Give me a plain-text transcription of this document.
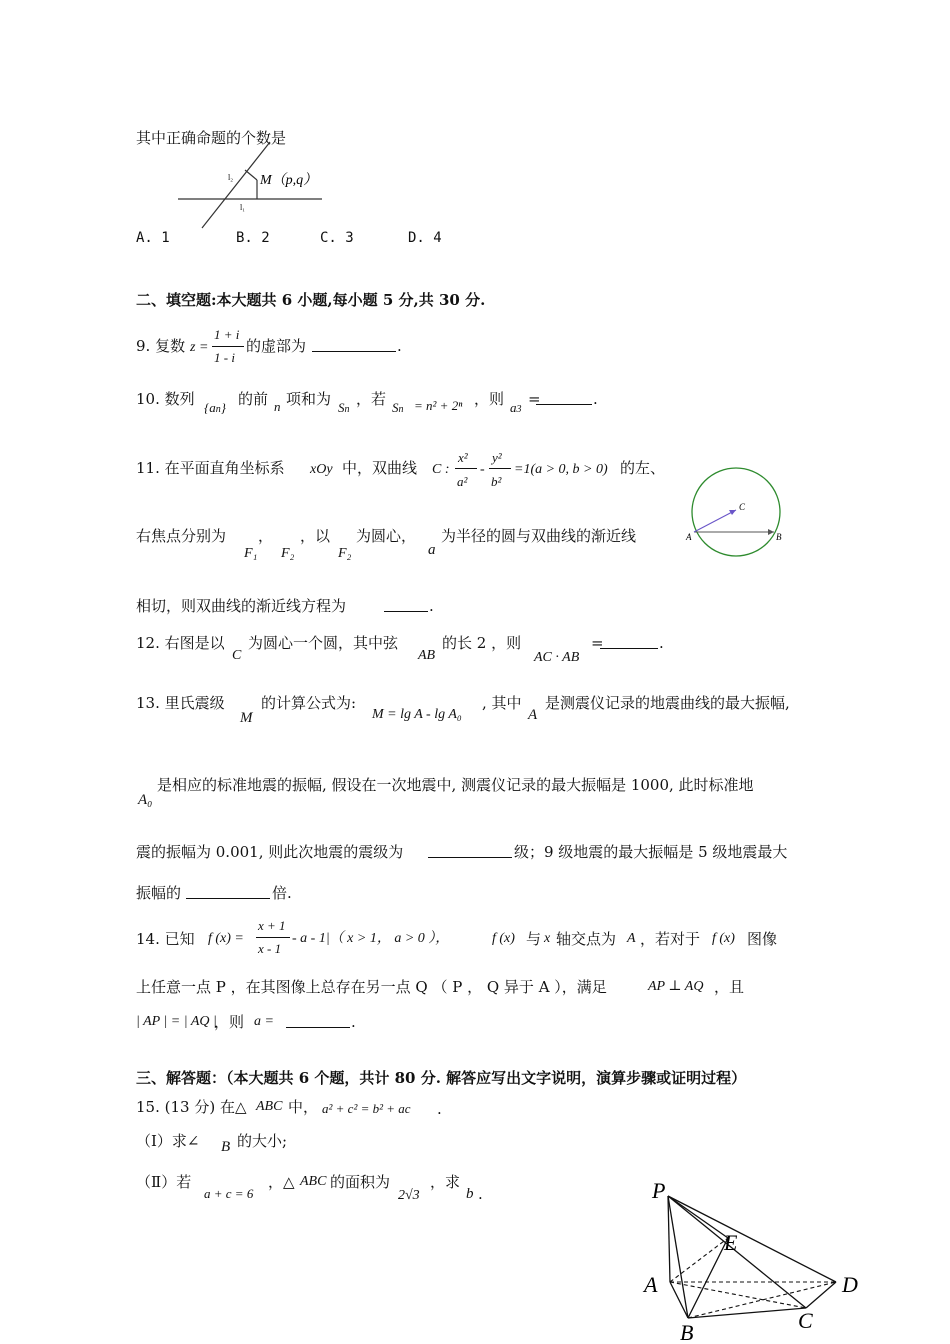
其中正确命题的个数是
l₂
l₁
M（p,q）
A. 1	B. 2	C. 3	D. 4
二、填空题:本大题共 6 小题,每小题 5 分,共 30 分.
9. 复数 z =
1 + i
1 - i
的虚部为	.
10. 数列 {an} 的前 n 项和为 Sn
，若 Sn = n² + 2ⁿ ，则 a3
=	.
11. 在平面直角坐标系 xOy 中，双曲线 C :
x²
a²
-
y²
b²
=1(a > 0, b > 0) 的左、
右焦点分别为 ， ，以 为圆心， 为半径的圆与双曲线的渐近线
F₁ F₂	F₂	a
A	B
C
相切，则双曲线的渐近线方程为	.
12. 右图是以
C
为圆心一个圆，其中弦
AB
的长 2 ，则
AC · AB
=	.
13. 里氏震级
M
的计算公式为:
M = lg A - lg A₀
, 其中
A
是测震仪记录的地震曲线的最大振幅,
A₀
是相应的标准地震的振幅, 假设在一次地震中, 测震仪记录的最大振幅是 1000, 此时标准地
震的振幅为 0.001, 则此次地震的震级为	级；9 级地震的最大振幅是 5 级地震最大
振幅的	倍.
14. 已知 f (x) =
x + 1
x - 1
- a - 1|（ x > 1， a > 0 ），	f (x) 与 x 轴交点为 A ，若对于 f (x) 图像
上任意一点 P ，在其图像上总存在另一点 Q （ P ， Q 异于 A ），满足	AP ⊥ AQ ，且
| AP | = | AQ |
，则 a =	.
三、解答题：（本大题共 6 个题，共计 80 分. 解答应写出文字说明，演算步骤或证明过程）
15. (13 分) 在△ ABC 中， a² + c² = b² + ac .
（Ⅰ）求∠ B 的大小;
（Ⅱ）若
a + c = 6
，△ ABC 的面积为
2√3
，求
b .	P
E
A	D
B	C
